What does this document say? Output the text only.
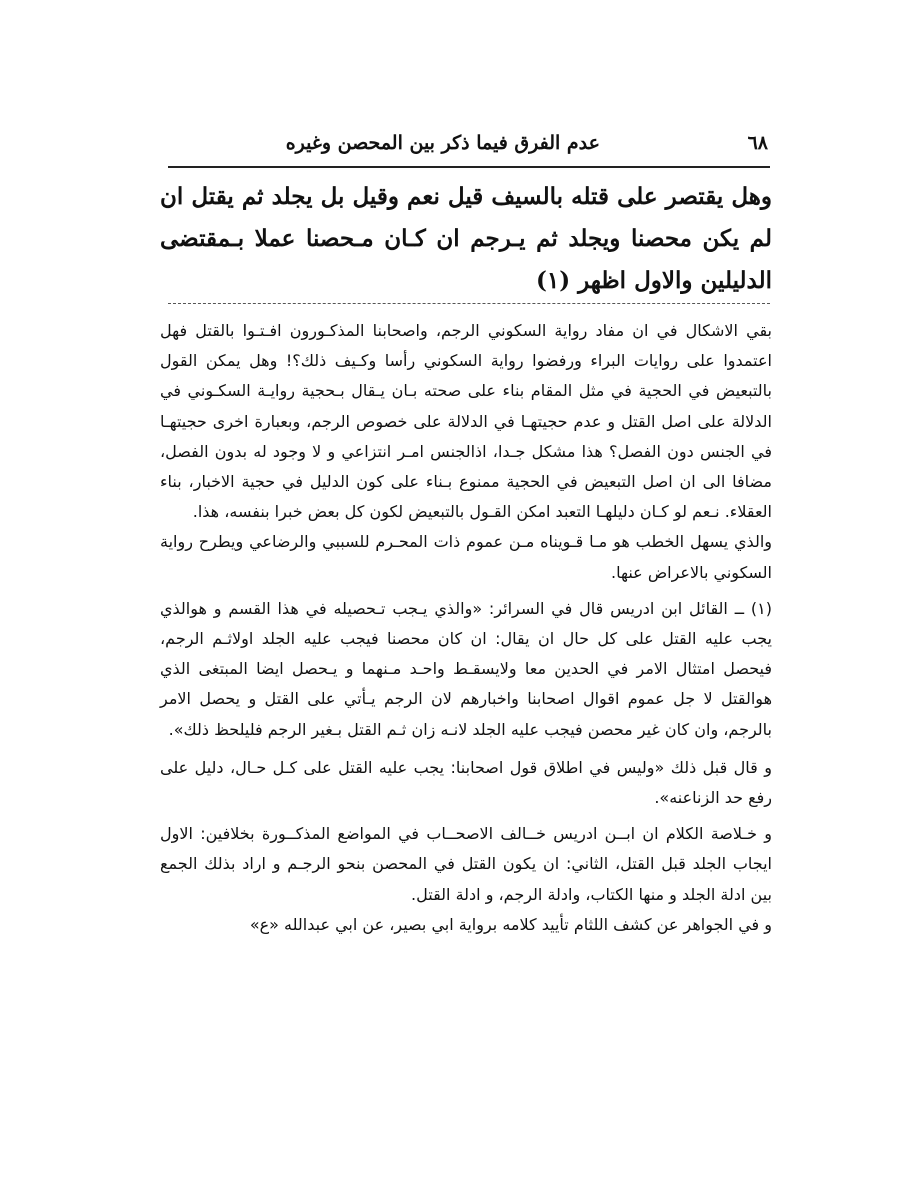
٦٨
عدم الفرق فيما ذكر بين المحصن وغيره

وهل يقتصر على قتله بالسيف قيل نعم وقيل بل يجلد ثم يقتل ان لم يكن محصنا ويجلد ثم يـرجم ان كـان مـحصنا عملا بـمقتضى الدليلين والاول اظهر (١)

بقي الاشكال في ان مفاد رواية السكوني الرجم، واصحابنا المذكـورون افـتـوا بالقتل فهل اعتمدوا على روايات البراء ورفضوا رواية السكوني رأسا وكـيف ذلك؟! وهل يمكن القول بالتبعيض في الحجية في مثل المقام بناء على صحته بـان يـقال بـحجية روايـة السكـوني في الدلالة على اصل القتل و عدم حجيتهـا في الدلالة على خصوص الرجم، وبعبارة اخرى حجيتهـا في الجنس دون الفصل؟ هذا مشكل جـدا، اذالجنس امـر انتزاعي و لا وجود له بدون الفصل، مضافا الى ان اصل التبعيض في الحجية ممنوع بـناء على كون الدليل في حجية الاخبار، بناء العقلاء. نـعم لو كـان دليلهـا التعبد امكن القـول بالتبعيض لكون كل بعض خبرا بنفسه، هذا.

والذي يسهل الخطب هو مـا قـويناه مـن عموم ذات المحـرم للسببي والرضاعي ويطرح رواية السكوني بالاعراض عنها.

(١) ــ القائل ابن ادريس قال في السرائر: «والذي يـجب تـحصيله في هذا القسم و هوالذي يجب عليه القتل على كل حال ان يقال: ان كان محصنا فيجب عليه الجلد اولاثـم الرجم، فيحصل امتثال الامر في الحدين معا ولايسقـط واحـد مـنهما و يـحصل ايضا المبتغى الذي هوالقتل لا جل عموم اقوال اصحابنا واخبارهم لان الرجم يـأتي على القتل و يحصل الامر بالرجم، وان كان غير محصن فيجب عليه الجلد لانـه زان ثـم القتل بـغير الرجم فليلحظ ذلك».

و قال قبل ذلك «وليس في اطلاق قول اصحابنا: يجب عليه القتل على كـل حـال، دليل على رفع حد الزناعنه».

و خـلاصة الكلام ان ابــن ادريس خــالف الاصحــاب في المواضع المذكــورة بخلافين: الاول ايجاب الجلد قبل القتل، الثاني: ان يكون القتل في المحصن بنحو الرجـم و اراد بذلك الجمع بين ادلة الجلد و منها الكتاب، وادلة الرجم، و ادلة القتل.

و في الجواهر عن كشف اللثام تأييد كلامه برواية ابي بصير، عن ابي عبدالله «ع»
